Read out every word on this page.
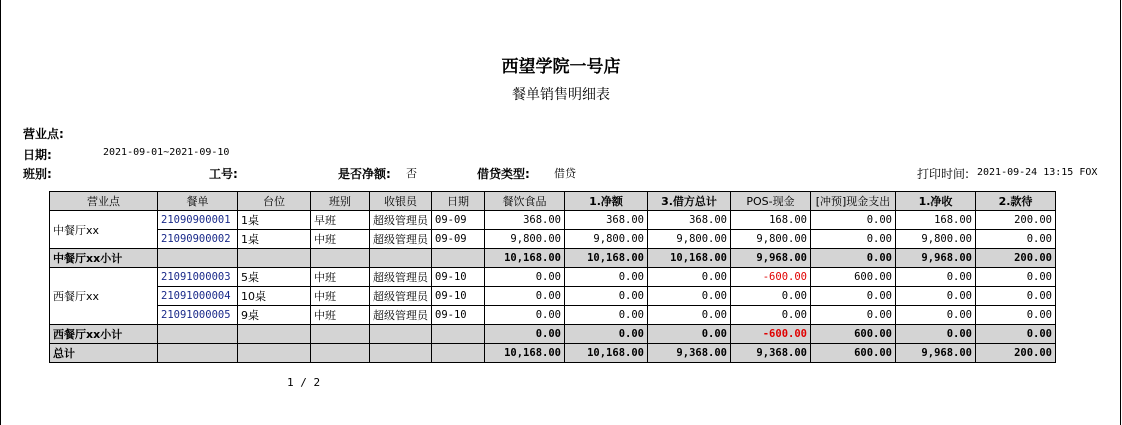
西望学院一号店
餐单销售明细表
营业点:
日期:	2021-09-01~2021-09-10
班别:	工号:	是否净额: 否	借贷类型: 借贷	打印时间: 2021-09-24 13:15 FOX
营业点	餐单	台位	班别	收银员	日期	餐饮食品	1.净额	3.借方总计	POS-现金	[冲预]现金支出	1.净收	2.款待
中餐厅xx	21090900001	1桌	早班	超级管理员	09-09	368.00	368.00	368.00	168.00	0.00	168.00	200.00
	21090900002	1桌	中班	超级管理员	09-09	9,800.00	9,800.00	9,800.00	9,800.00	0.00	9,800.00	0.00
中餐厅xx小计						10,168.00	10,168.00	10,168.00	9,968.00	0.00	9,968.00	200.00
西餐厅xx	21091000003	5桌	中班	超级管理员	09-10	0.00	0.00	0.00	-600.00	600.00	0.00	0.00
	21091000004	10桌	中班	超级管理员	09-10	0.00	0.00	0.00	0.00	0.00	0.00	0.00
	21091000005	9桌	中班	超级管理员	09-10	0.00	0.00	0.00	0.00	0.00	0.00	0.00
西餐厅xx小计						0.00	0.00	0.00	-600.00	600.00	0.00	0.00
总计						10,168.00	10,168.00	9,368.00	9,368.00	600.00	9,968.00	200.00
1 / 2
